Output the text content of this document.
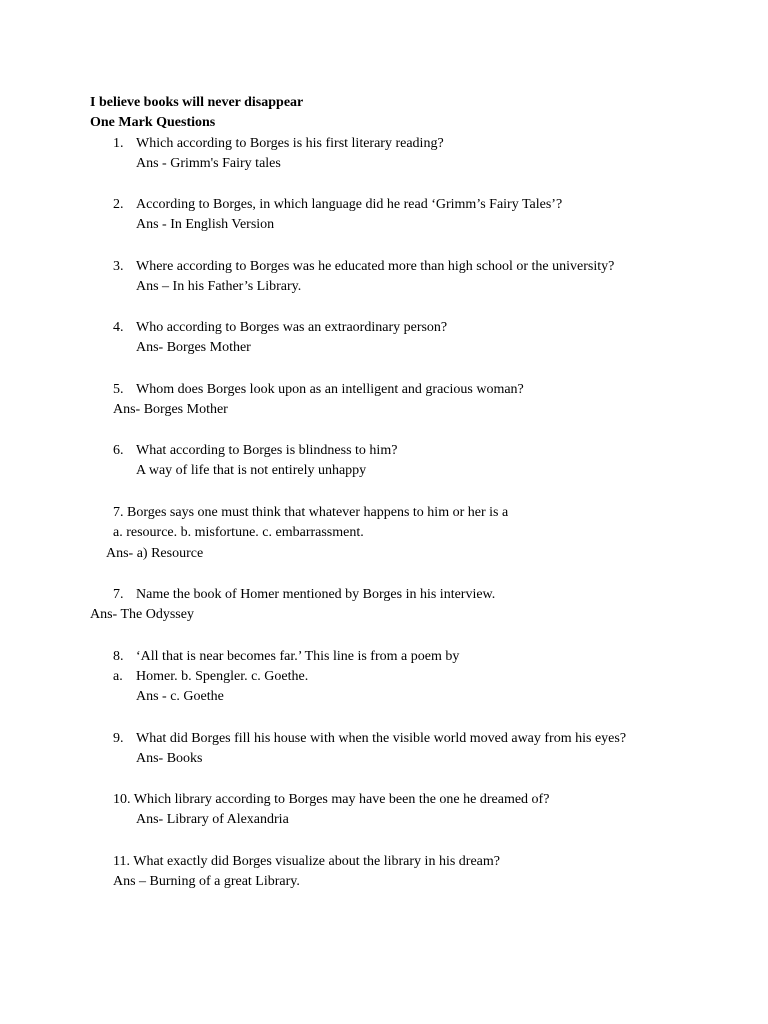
I believe books will never disappear
One Mark Questions
1. Which according to Borges is his first literary reading?
Ans - Grimm's Fairy tales
2. According to Borges, in which language did he read ‘Grimm’s Fairy Tales’?
Ans - In English Version
3. Where according to Borges was he educated more than high school or the university?
Ans – In his Father’s Library.
4. Who according to Borges was an extraordinary person?
Ans- Borges Mother
5. Whom does Borges look upon as an intelligent and gracious woman?
Ans- Borges Mother
6. What according to Borges is blindness to him?
A way of life that is not entirely unhappy
7. Borges says one must think that whatever happens to him or her is a
a. resource. b. misfortune. c. embarrassment.
Ans- a) Resource
7. Name the book of Homer mentioned by Borges in his interview.
Ans- The Odyssey
8. ‘All that is near becomes far.’ This line is from a poem by
a. Homer. b. Spengler. c. Goethe.
Ans - c. Goethe
9. What did Borges fill his house with when the visible world moved away from his eyes?
Ans- Books
10. Which library according to Borges may have been the one he dreamed of?
Ans- Library of Alexandria
11. What exactly did Borges visualize about the library in his dream?
Ans – Burning of a great Library.
